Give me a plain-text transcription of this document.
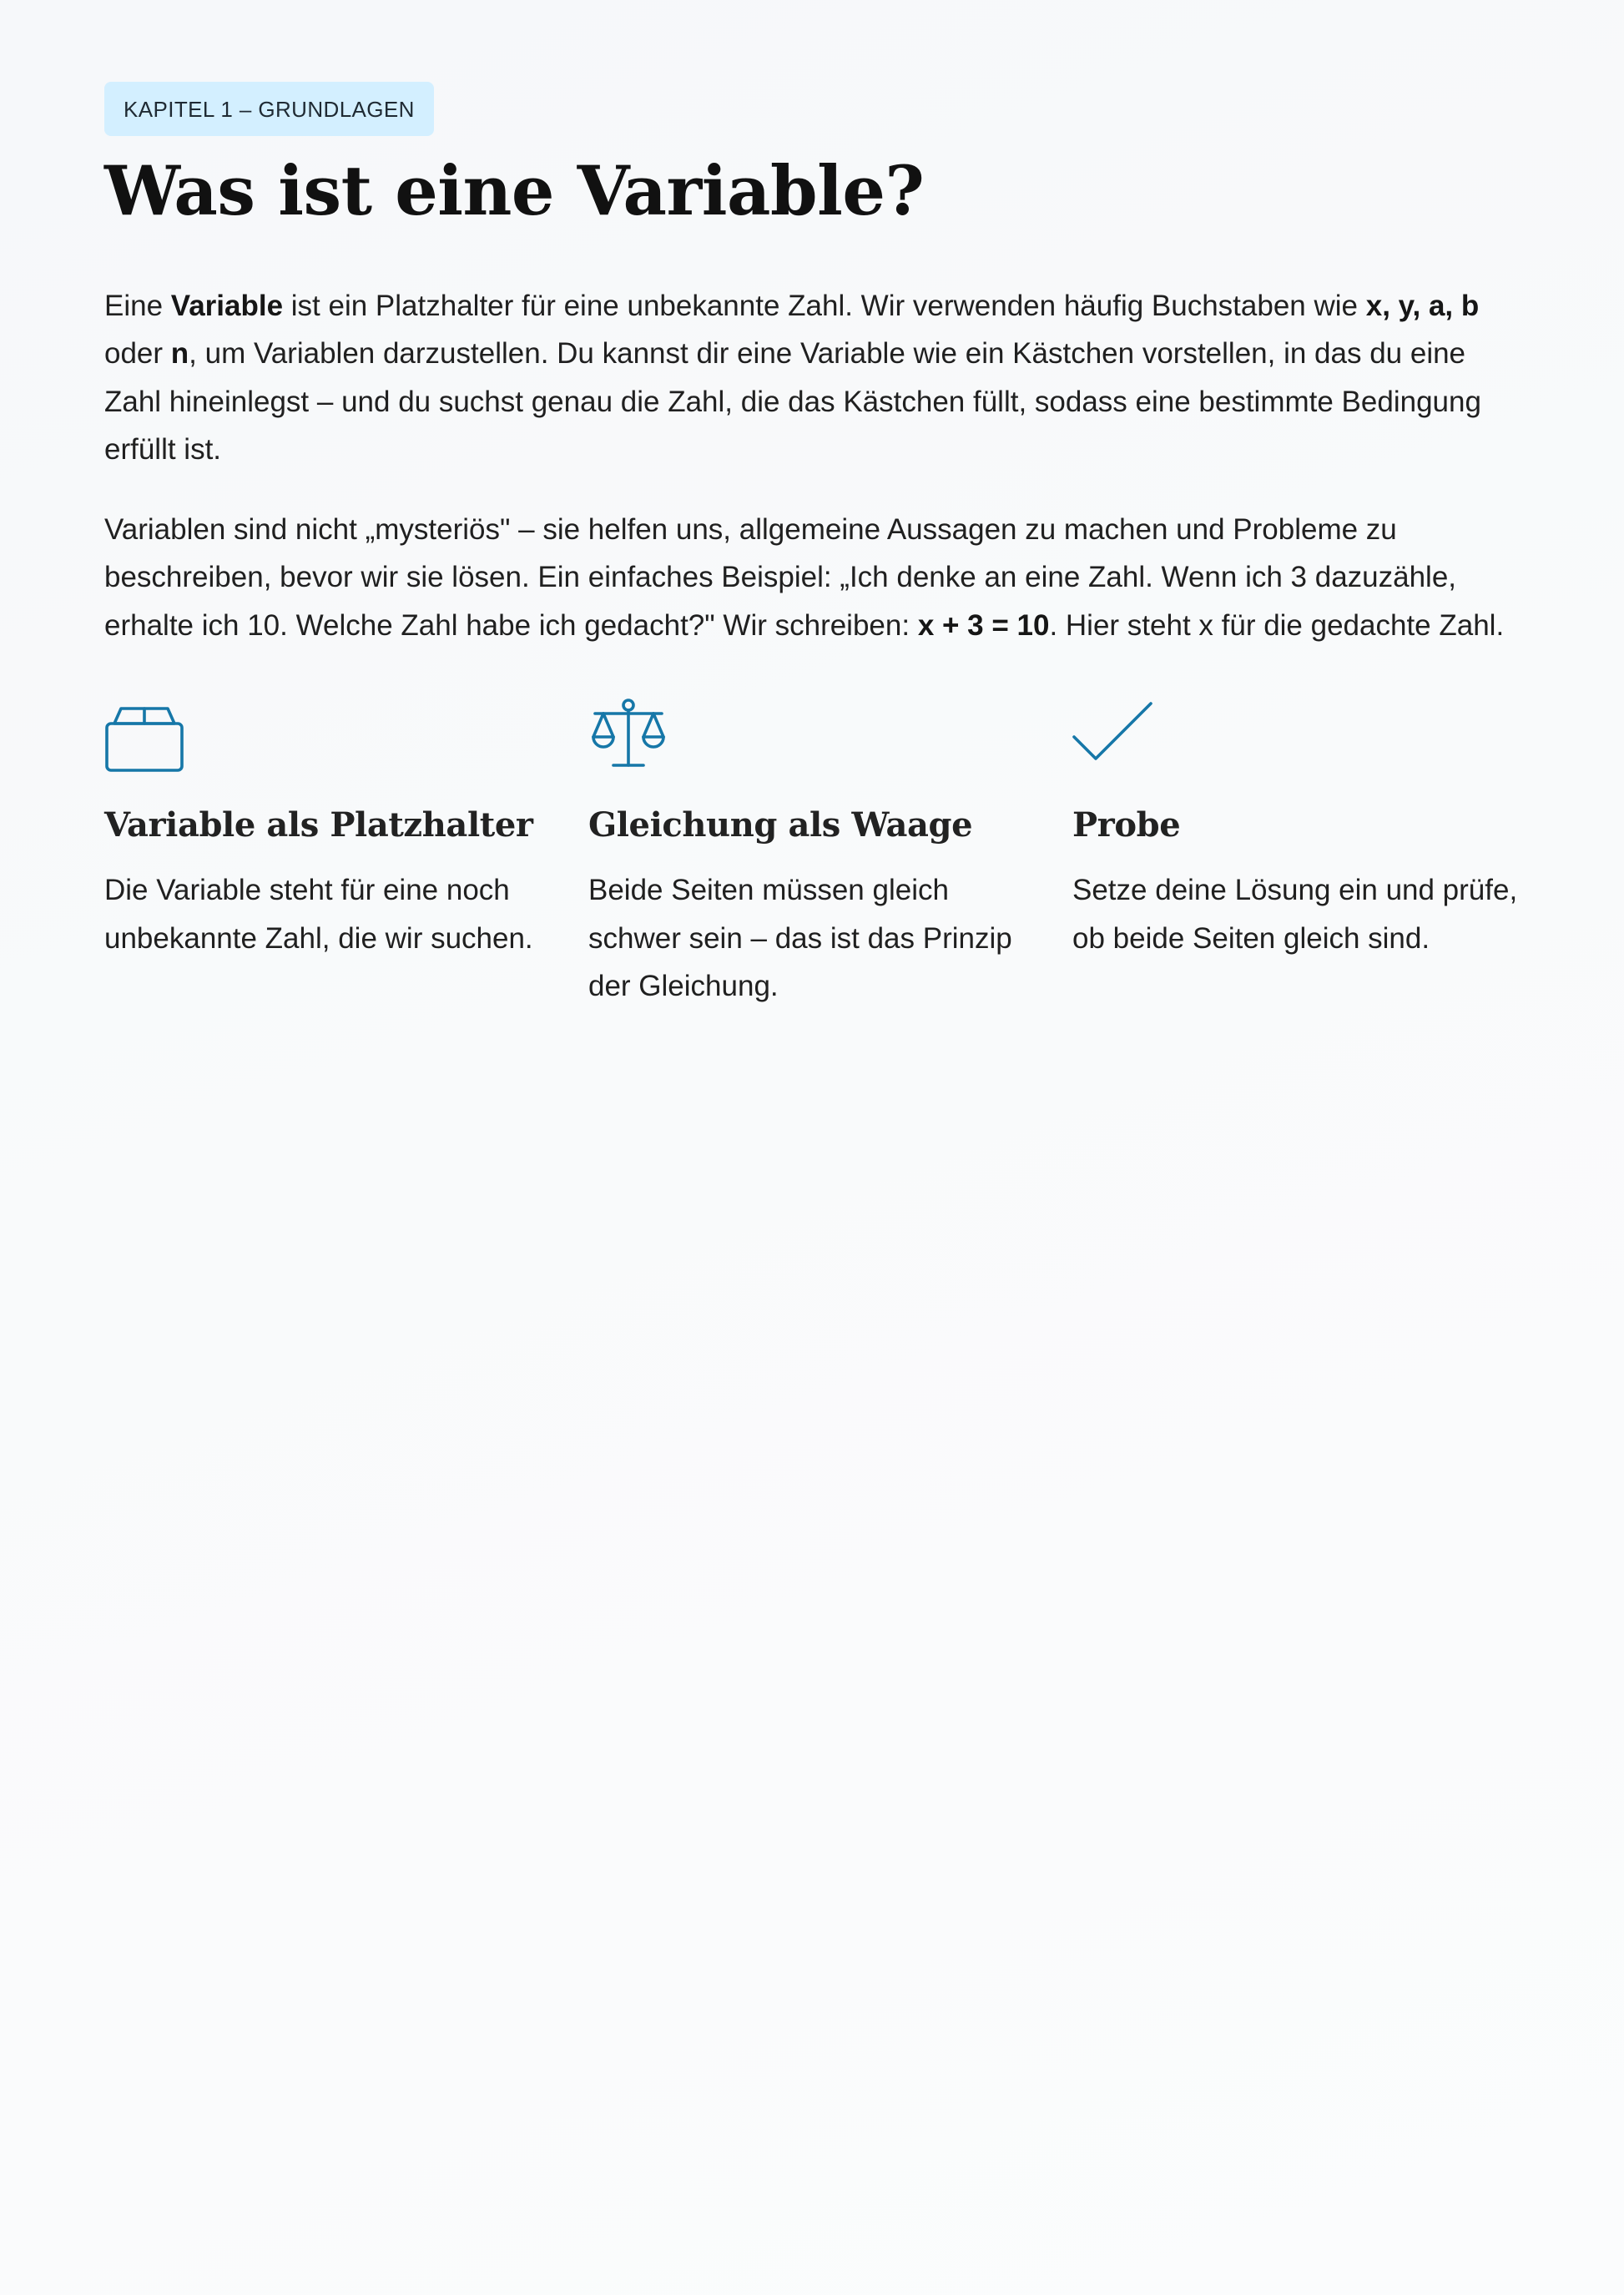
KAPITEL 1 – GRUNDLAGEN
Was ist eine Variable?

Eine Variable ist ein Platzhalter für eine unbekannte Zahl. Wir verwenden häufig Buchstaben wie x, y, a, b oder n, um Variablen darzustellen. Du kannst dir eine Variable wie ein Kästchen vorstellen, in das du eine Zahl hineinlegst – und du suchst genau die Zahl, die das Kästchen füllt, sodass eine bestimmte Bedingung erfüllt ist.

Variablen sind nicht „mysteriös" – sie helfen uns, allgemeine Aussagen zu machen und Probleme zu beschreiben, bevor wir sie lösen. Ein einfaches Beispiel: „Ich denke an eine Zahl. Wenn ich 3 dazuzähle, erhalte ich 10. Welche Zahl habe ich gedacht?" Wir schreiben: x + 3 = 10. Hier steht x für die gedachte Zahl.

Variable als Platzhalter

Die Variable steht für eine noch unbekannte Zahl, die wir suchen.

Gleichung als Waage

Beide Seiten müssen gleich schwer sein – das ist das Prinzip der Gleichung.

Probe

Setze deine Lösung ein und prüfe, ob beide Seiten gleich sind.
